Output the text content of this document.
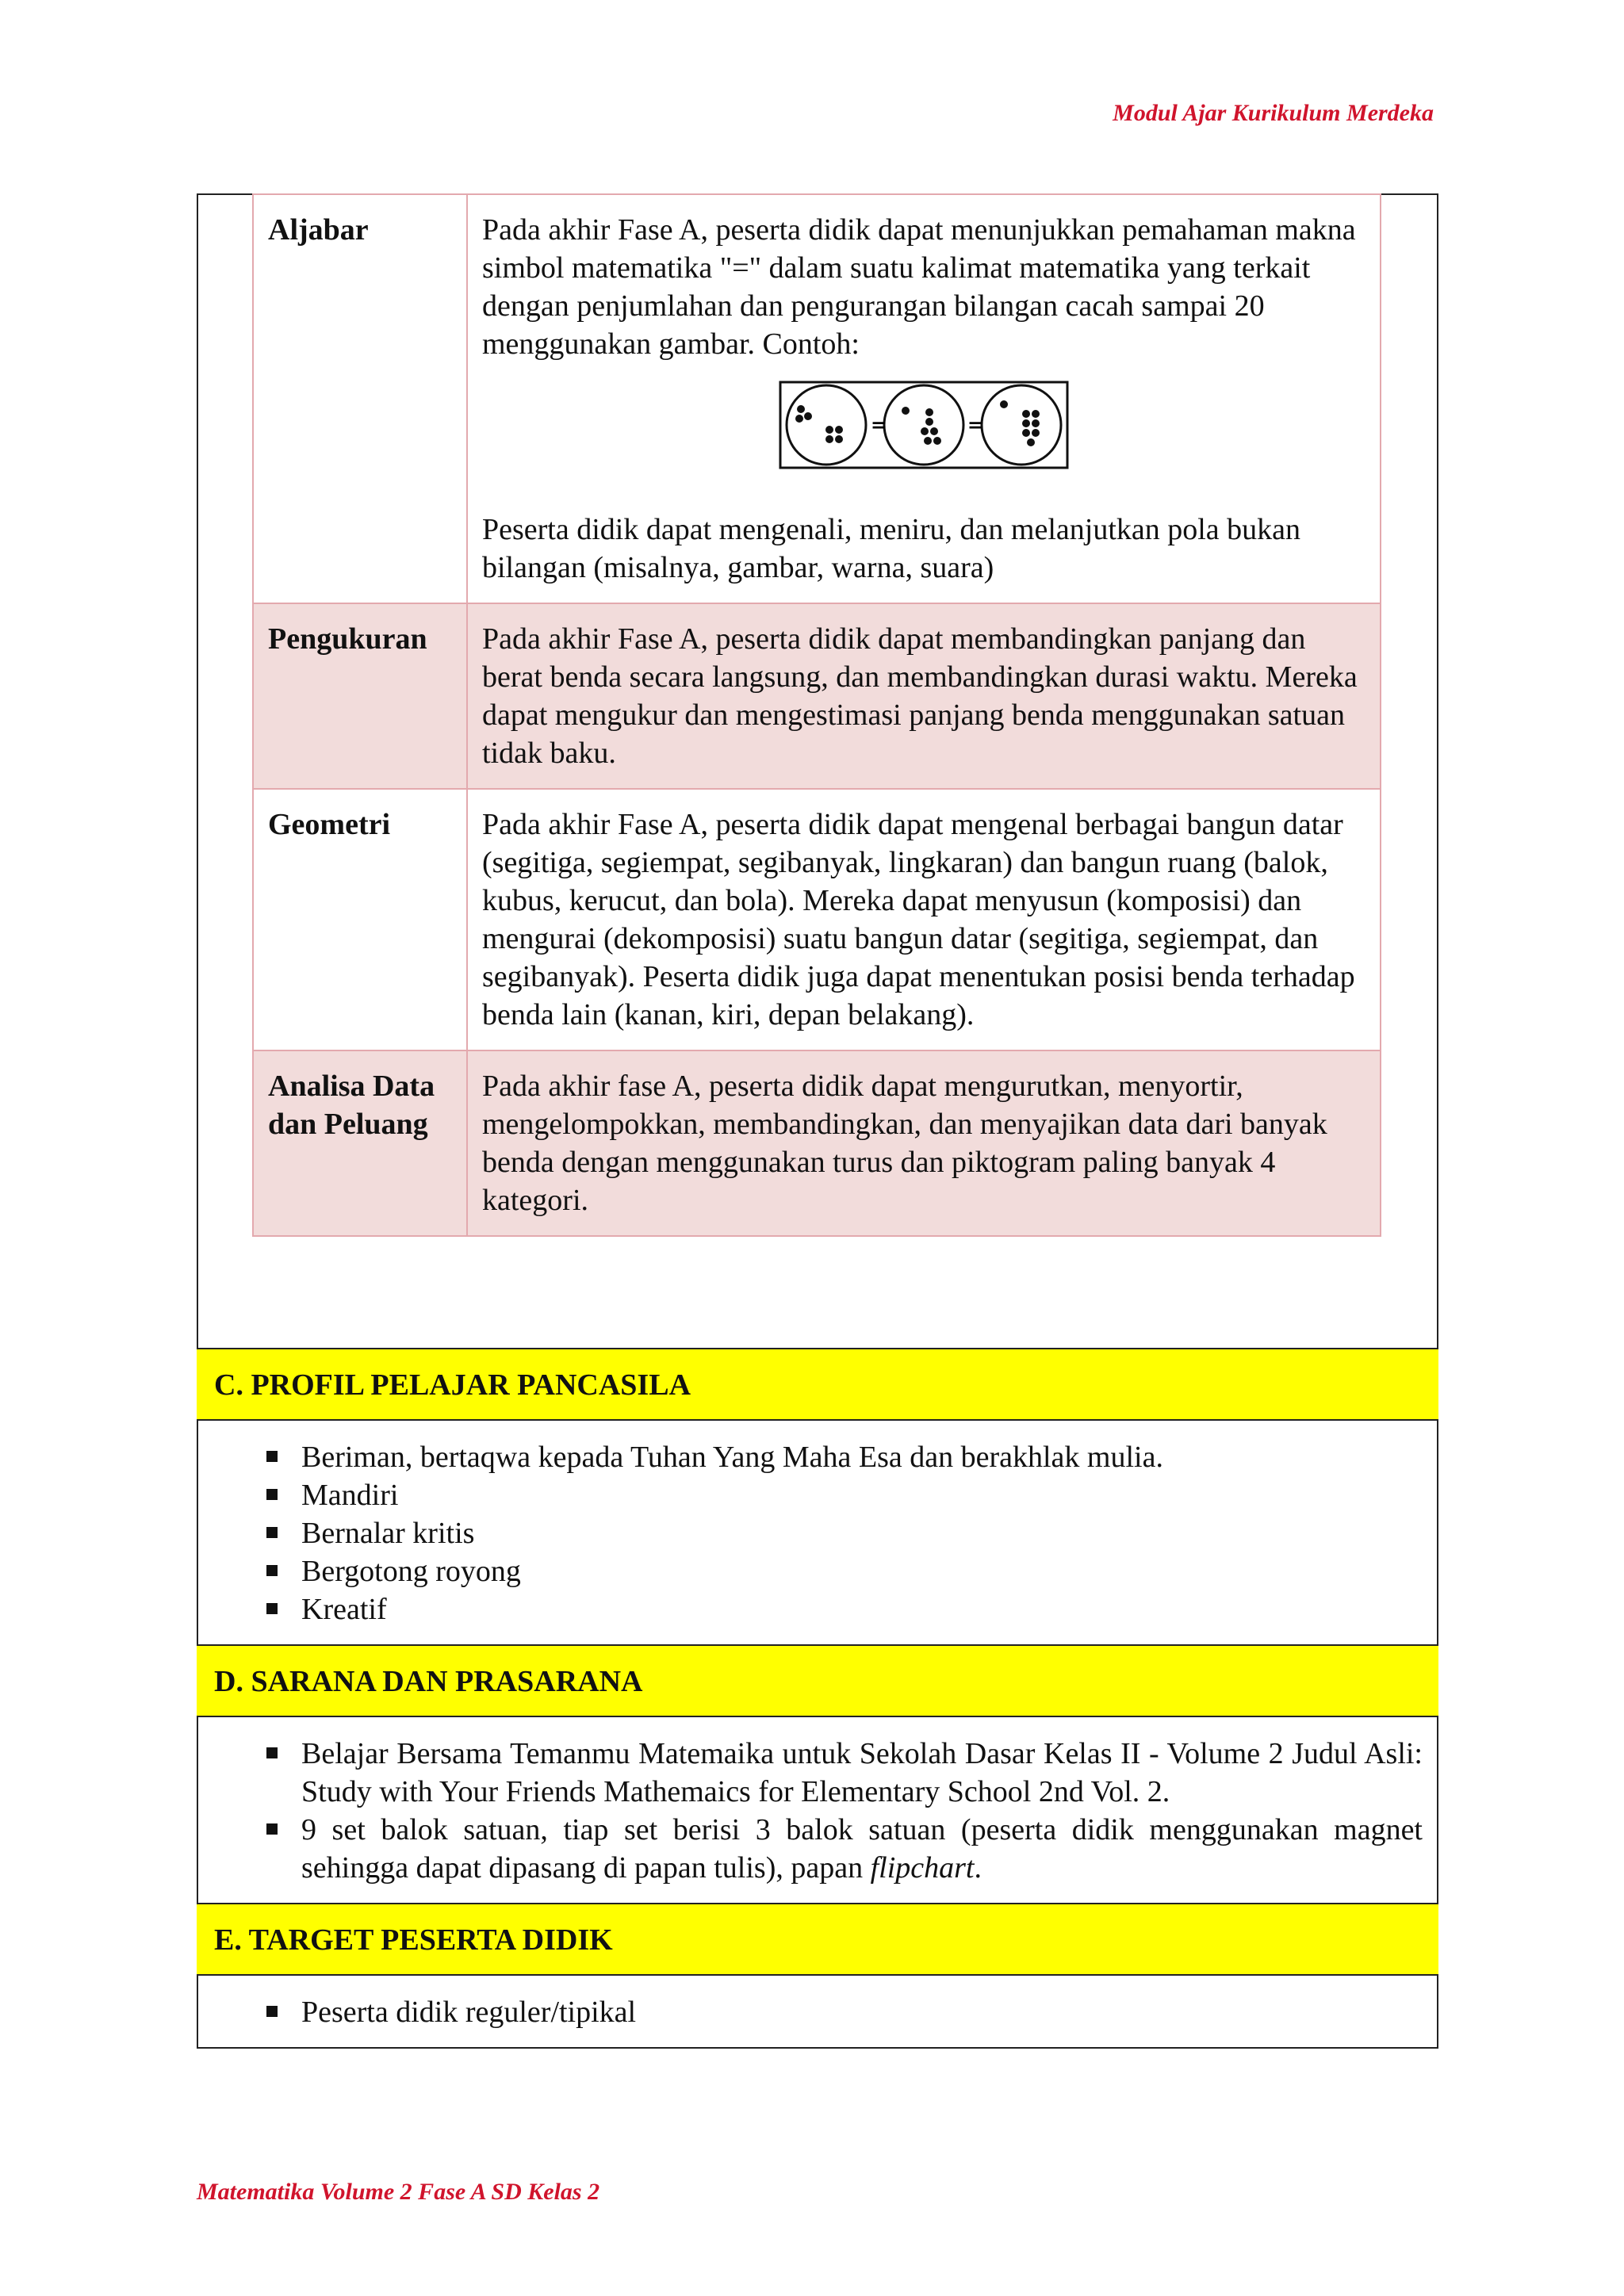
Modul Ajar Kurikulum Merdeka
Aljabar	Pada akhir Fase A, peserta didik dapat menunjukkan pemahaman makna simbol matematika "=" dalam suatu kalimat matematika yang terkait dengan penjumlahan dan pengurangan bilangan cacah sampai 20 menggunakan gambar. Contoh:

= =

Peserta didik dapat mengenali, meniru, dan melanjutkan pola bukan bilangan (misalnya, gambar, warna, suara)

Pengukuran	Pada akhir Fase A, peserta didik dapat membandingkan panjang dan berat benda secara langsung, dan membandingkan durasi waktu. Mereka dapat mengukur dan mengestimasi panjang benda menggunakan satuan tidak baku.
Geometri	Pada akhir Fase A, peserta didik dapat mengenal berbagai bangun datar (segitiga, segiempat, segibanyak, lingkaran) dan bangun ruang (balok, kubus, kerucut, dan bola). Mereka dapat menyusun (komposisi) dan mengurai (dekomposisi) suatu bangun datar (segitiga, segiempat, dan segibanyak). Peserta didik juga dapat menentukan posisi benda terhadap benda lain (kanan, kiri, depan belakang).
Analisa Data dan Peluang	Pada akhir fase A, peserta didik dapat mengurutkan, menyortir, mengelompokkan, membandingkan, dan menyajikan data dari banyak benda dengan menggunakan turus dan piktogram paling banyak 4 kategori.
C. PROFIL PELAJAR PANCASILA
Beriman, bertaqwa kepada Tuhan Yang Maha Esa dan berakhlak mulia.
Mandiri
Bernalar kritis
Bergotong royong
Kreatif
D. SARANA DAN PRASARANA
Belajar Bersama Temanmu Matemaika untuk Sekolah Dasar Kelas II - Volume 2 Judul Asli: Study with Your Friends Mathemaics for Elementary School 2nd Vol. 2.
9 set balok satuan, tiap set berisi 3 balok satuan (peserta didik menggunakan magnet sehingga dapat dipasang di papan tulis), papan flipchart.
E. TARGET PESERTA DIDIK
Peserta didik reguler/tipikal
Matematika Volume 2 Fase A SD Kelas 2
